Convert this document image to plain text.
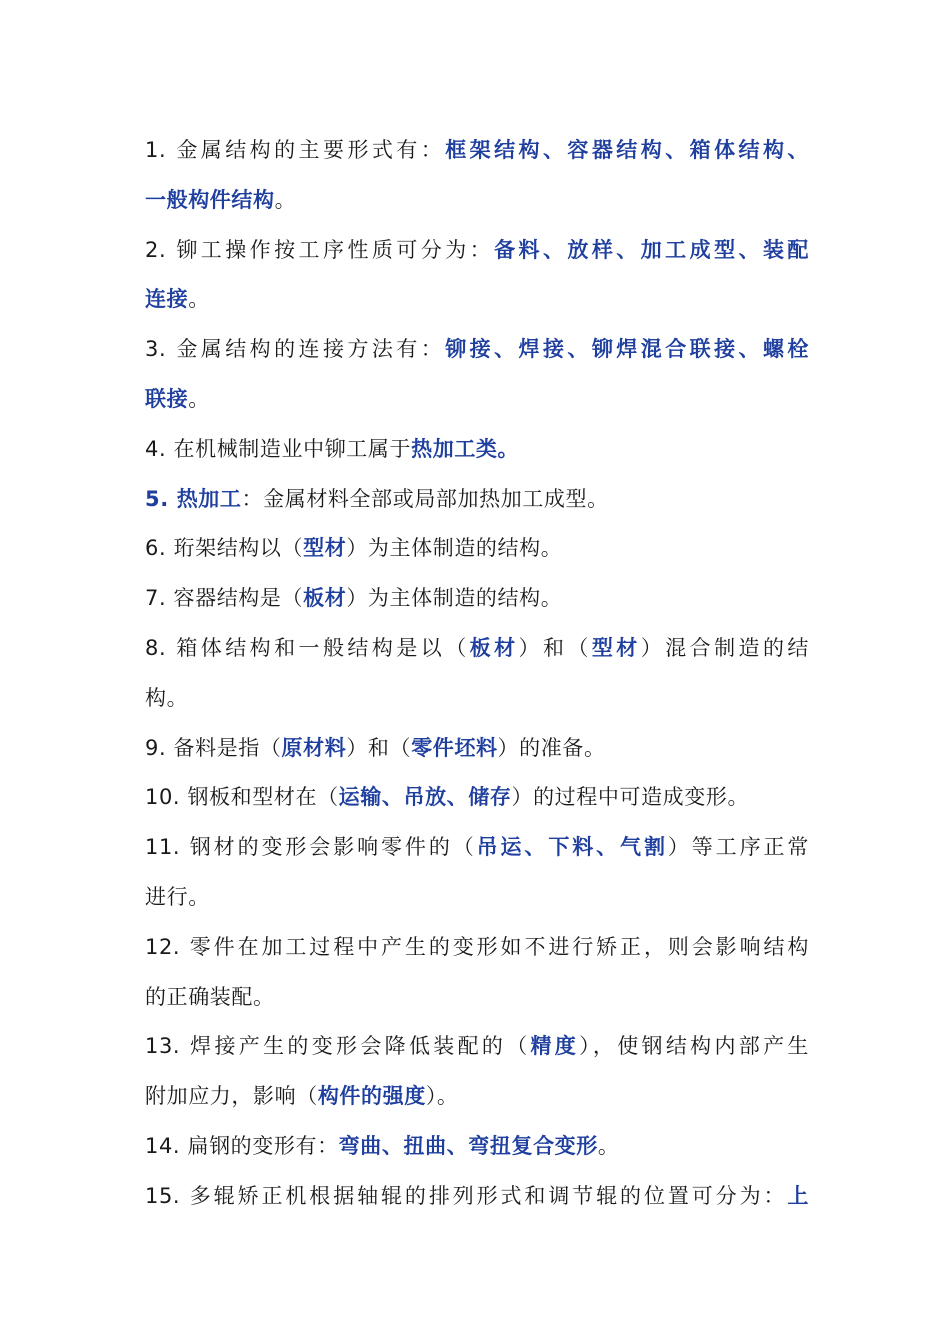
1. 金属结构的主要形式有：框架结构、容器结构、箱体结构、
一般构件结构。
2. 铆工操作按工序性质可分为：备料、放样、加工成型、装配
连接。
3. 金属结构的连接方法有：铆接、焊接、铆焊混合联接、螺栓
联接。
4. 在机械制造业中铆工属于热加工类。
5. 热加工：金属材料全部或局部加热加工成型。
6. 珩架结构以（型材）为主体制造的结构。
7. 容器结构是（板材）为主体制造的结构。
8. 箱体结构和一般结构是以（板材）和（型材）混合制造的结
构。
9. 备料是指（原材料）和（零件坯料）的准备。
10. 钢板和型材在（运输、吊放、储存）的过程中可造成变形。
11. 钢材的变形会影响零件的（吊运、下料、气割）等工序正常
进行。
12. 零件在加工过程中产生的变形如不进行矫正，则会影响结构
的正确装配。
13. 焊接产生的变形会降低装配的（精度），使钢结构内部产生
附加应力，影响（构件的强度）。
14. 扁钢的变形有：弯曲、扭曲、弯扭复合变形。
15. 多辊矫正机根据轴辊的排列形式和调节辊的位置可分为：上
